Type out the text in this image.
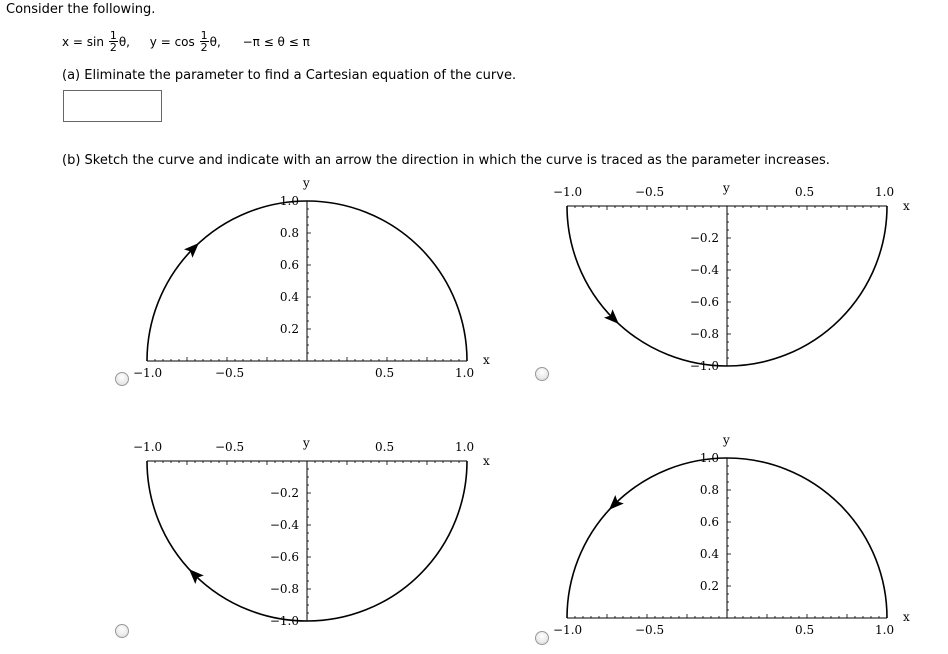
Consider the following.
$x = \sin \frac{1}{2} \theta$, $y = \cos \frac{1}{2} \theta$, −π ≤ θ ≤ π
(a) Eliminate the parameter to find a Cartesian equation of the curve.
(b) Sketch the curve and indicate with an arrow the direction in which the curve is traced as the parameter increases.
−1.0	−0.5	0.5	1.0
0.2
0.4
0.6
0.8
1.0
x
y
−1.0	−0.5	0.5	1.0
−0.2
−0.4
−0.6
−0.8
−1.0
x
y
−1.0	−0.5	0.5	1.0
−0.2
−0.4
−0.6
−0.8
−1.0
x
y
−1.0	−0.5	0.5	1.0
0.2
0.4
0.6
0.8
1.0
x
y
